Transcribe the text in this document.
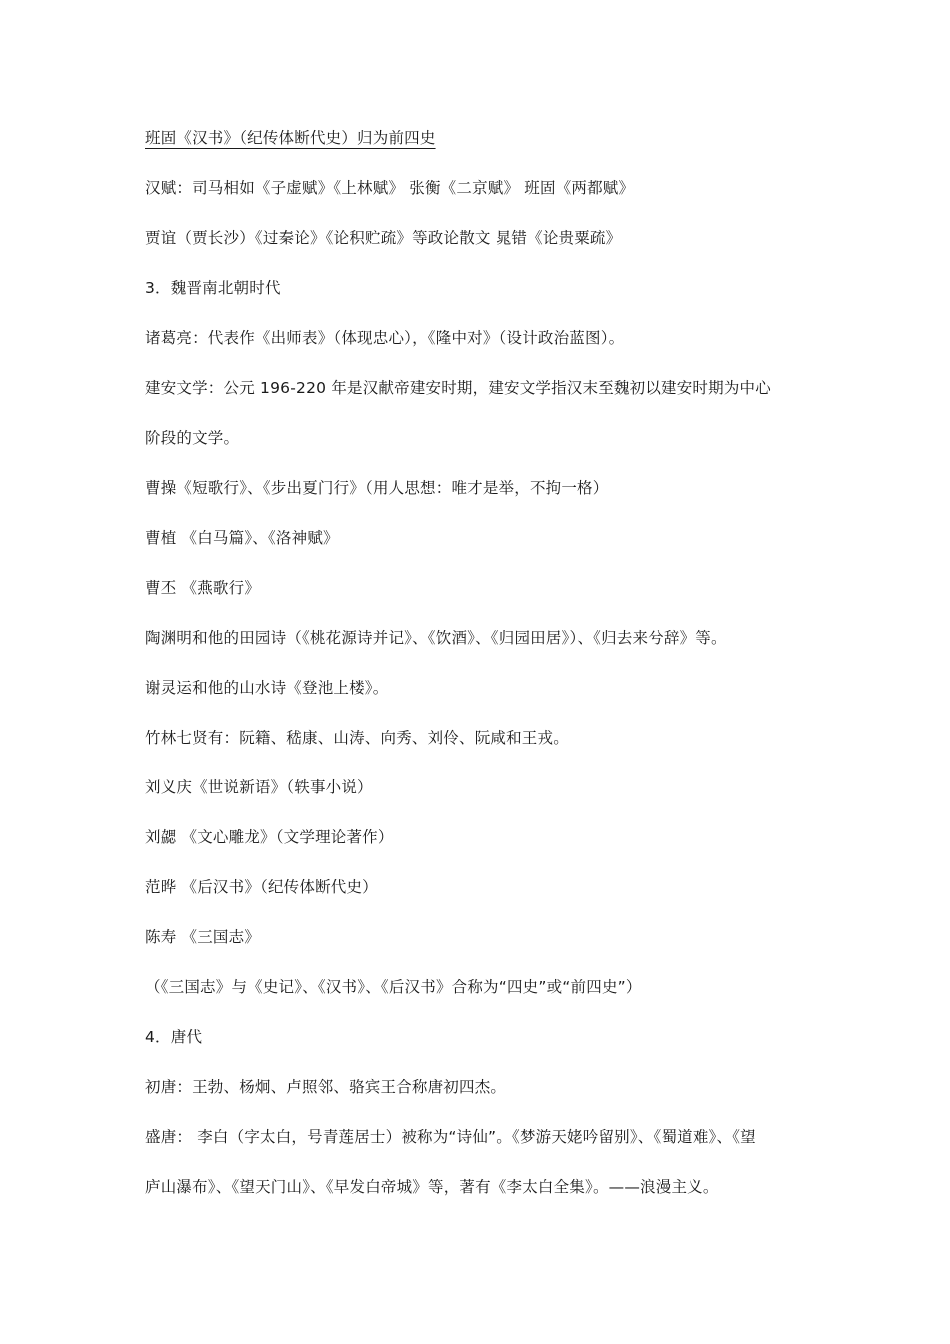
班固《汉书》（纪传体断代史）归为前四史
汉赋：司马相如《子虚赋》《上林赋》 张衡《二京赋》 班固《两都赋》
贾谊（贾长沙）《过秦论》《论积贮疏》等政论散文 晁错《论贵粟疏》
3．魏晋南北朝时代
诸葛亮：代表作《出师表》（体现忠心），《隆中对》（设计政治蓝图）。
建安文学：公元 196-220 年是汉献帝建安时期，建安文学指汉末至魏初以建安时期为中心
阶段的文学。
曹操《短歌行》、《步出夏门行》（用人思想：唯才是举，不拘一格）
曹植 《白马篇》、《洛神赋》
曹丕 《燕歌行》
陶渊明和他的田园诗（《桃花源诗并记》、《饮酒》、《归园田居》）、《归去来兮辞》等。
谢灵运和他的山水诗《登池上楼》。
竹林七贤有：阮籍、嵇康、山涛、向秀、刘伶、阮咸和王戎。
刘义庆《世说新语》（轶事小说）
刘勰 《文心雕龙》（文学理论著作）
范晔 《后汉书》（纪传体断代史）
陈寿 《三国志》
（《三国志》与《史记》、《汉书》、《后汉书》合称为“四史”或“前四史”）
4．唐代
初唐：王勃、杨炯、卢照邻、骆宾王合称唐初四杰。
盛唐： 李白（字太白，号青莲居士）被称为“诗仙”。《梦游天姥吟留别》、《蜀道难》、《望
庐山瀑布》、《望天门山》、《早发白帝城》等，著有《李太白全集》。——浪漫主义。
